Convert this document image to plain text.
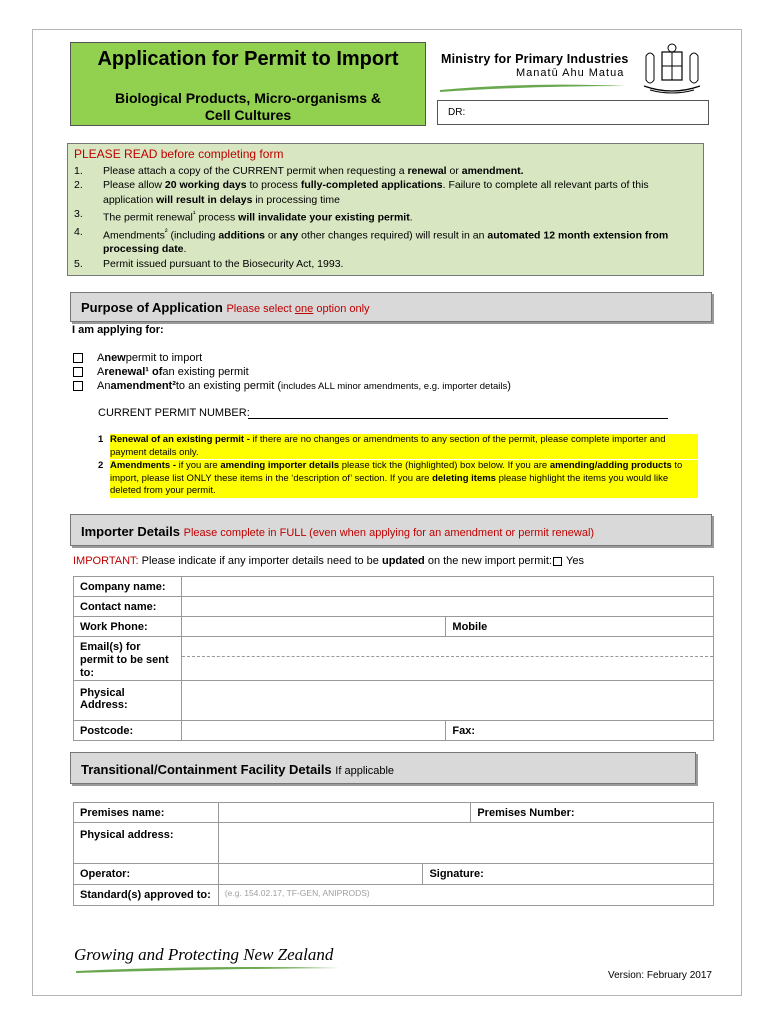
Application for Permit to Import
Biological Products, Micro-organisms &
Cell Cultures
Ministry for Primary Industries
Manatū Ahu Matua
DR:
PLEASE READ before completing form
1.	Please attach a copy of the CURRENT permit when requesting a renewal or amendment.
2.	Please allow 20 working days to process fully-completed applications. Failure to complete all relevant parts of this application will result in delays in processing time
3.	The permit renewal$^{^1}$ process will invalidate your existing permit.
4.	Amendments$^{^2}$ (including additions or any other changes required) will result in an automated 12 month extension from processing date.
5.	Permit issued pursuant to the Biosecurity Act, 1993.
Purpose of Application Please select one option only
I am applying for:
A new permit to import
A renewal¹ of an existing permit
An amendment² to an existing permit ( includes ALL minor amendments, e.g. importer details )
CURRENT PERMIT NUMBER:
1 Renewal of an existing permit - if there are no changes or amendments to any section of the permit, please complete importer and payment details only.
2 Amendments - if you are amending importer details please tick the (highlighted) box below. If you are amending/adding products to import, please list ONLY these items in the ‘description of’ section. If you are deleting items please highlight the items you would like deleted from your permit.
Importer Details Please complete in FULL (even when applying for an amendment or permit renewal)
IMPORTANT: Please indicate if any importer details need to be updated on the new import permit: Yes
Company name:		
Contact name:		
Work Phone:		Mobile
Email(s) for permit to be sent to:		

Physical Address:		
Postcode:		Fax:
Transitional/Containment Facility Details If applicable
Premises name:			Premises Number:
Physical address:			
Operator:		Signature:	
Standard(s) approved to:	(e.g. 154.02.17, TF-GEN, ANIPRODS)		
Growing and Protecting New Zealand
Version: February 2017
